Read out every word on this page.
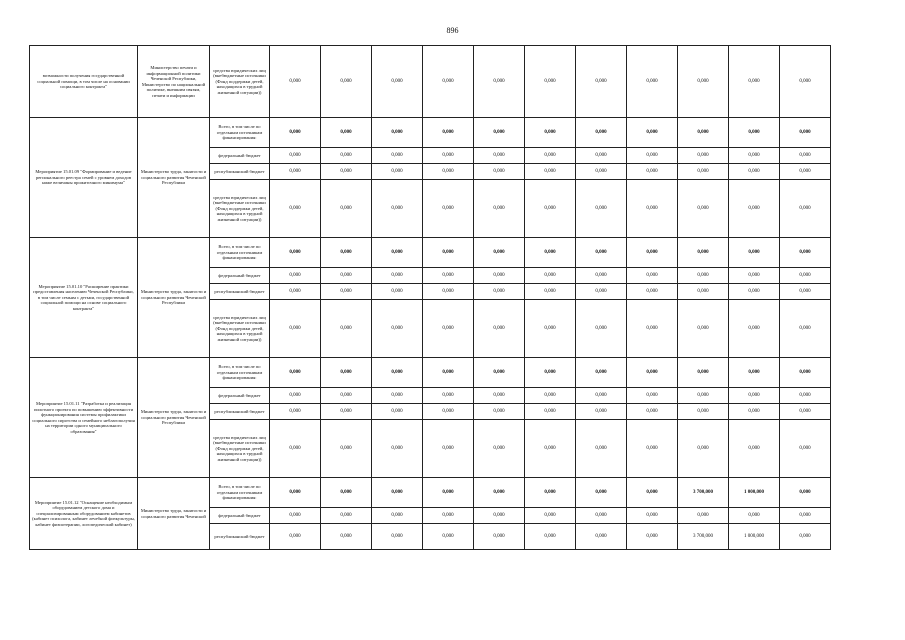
896
возможности получения государственной социальной помощи, в том числе на основании социального контракта"	Министерство печати и информационной политики Чеченской Республики, Министерство по национальной политике, внешним связям, печати и информации	средства юридических лиц (внебюджетные источники (Фонд поддержки детей, находящихся в трудной жизненной ситуации))	0,000	0,000	0,000	0,000	0,000	0,000	0,000	0,000	0,000	0,000	0,000
Мероприятие 15.01.09 "Формирование и ведение регионального реестра семей с уровнем доходов ниже величины прожиточного минимума"	Министерство труда, занятости и социального развития Чеченской Республики	Всего, в том числе по отдельным источникам финансирования:	0,000	0,000	0,000	0,000	0,000	0,000	0,000	0,000	0,000	0,000	0,000
		федеральный бюджет	0,000	0,000	0,000	0,000	0,000	0,000	0,000	0,000	0,000	0,000	0,000
		республиканский бюджет	0,000	0,000	0,000	0,000	0,000	0,000	0,000	0,000	0,000	0,000	0,000
		средства юридических лиц (внебюджетные источники (Фонд поддержки детей, находящихся в трудной жизненной ситуации))	0,000	0,000	0,000	0,000	0,000	0,000	0,000	0,000	0,000	0,000	0,000
Мероприятие 15.01.10 "Расширение практики предоставления населению Чеченской Республики, в том числе семьям с детьми, государственной социальной помощи на основе социального контракта"	Министерство труда, занятости и социального развития Чеченской Республики	Всего, в том числе по отдельным источникам финансирования:	0,000	0,000	0,000	0,000	0,000	0,000	0,000	0,000	0,000	0,000	0,000
		федеральный бюджет	0,000	0,000	0,000	0,000	0,000	0,000	0,000	0,000	0,000	0,000	0,000
		республиканский бюджет	0,000	0,000	0,000	0,000	0,000	0,000	0,000	0,000	0,000	0,000	0,000
		средства юридических лиц (внебюджетные источники (Фонд поддержки детей, находящихся в трудной жизненной ситуации))	0,000	0,000	0,000	0,000	0,000	0,000	0,000	0,000	0,000	0,000	0,000
Мероприятие 15.01.11 "Разработка и реализация пилотного проекта по повышению эффективности функционирования системы профилактики социального сиротства и семейного неблагополучия на территории одного муниципального образования"	Министерство труда, занятости и социального развития Чеченской Республики	Всего, в том числе по отдельным источникам финансирования:	0,000	0,000	0,000	0,000	0,000	0,000	0,000	0,000	0,000	0,000	0,000
		федеральный бюджет	0,000	0,000	0,000	0,000	0,000	0,000	0,000	0,000	0,000	0,000	0,000
		республиканский бюджет	0,000	0,000	0,000	0,000	0,000	0,000	0,000	0,000	0,000	0,000	0,000
		средства юридических лиц (внебюджетные источники (Фонд поддержки детей, находящихся в трудной жизненной ситуации))	0,000	0,000	0,000	0,000	0,000	0,000	0,000	0,000	0,000	0,000	0,000
Мероприятие 15.01.12 "Оснащение необходимым оборудованием детского дома и специализированным оборудованием кабинетов (кабинет психолога, кабинет лечебной физкультуры, кабинет физиотерапии, логопедический кабинет)	Министерство труда, занятости и социального развития Чеченской	Всего, в том числе по отдельным источникам финансирования:	0,000	0,000	0,000	0,000	0,000	0,000	0,000	0,000	3 700,000	1 000,000	0,000
		федеральный бюджет	0,000	0,000	0,000	0,000	0,000	0,000	0,000	0,000	0,000	0,000	0,000
		республиканский бюджет	0,000	0,000	0,000	0,000	0,000	0,000	0,000	0,000	3 700,000	1 000,000	0,000
